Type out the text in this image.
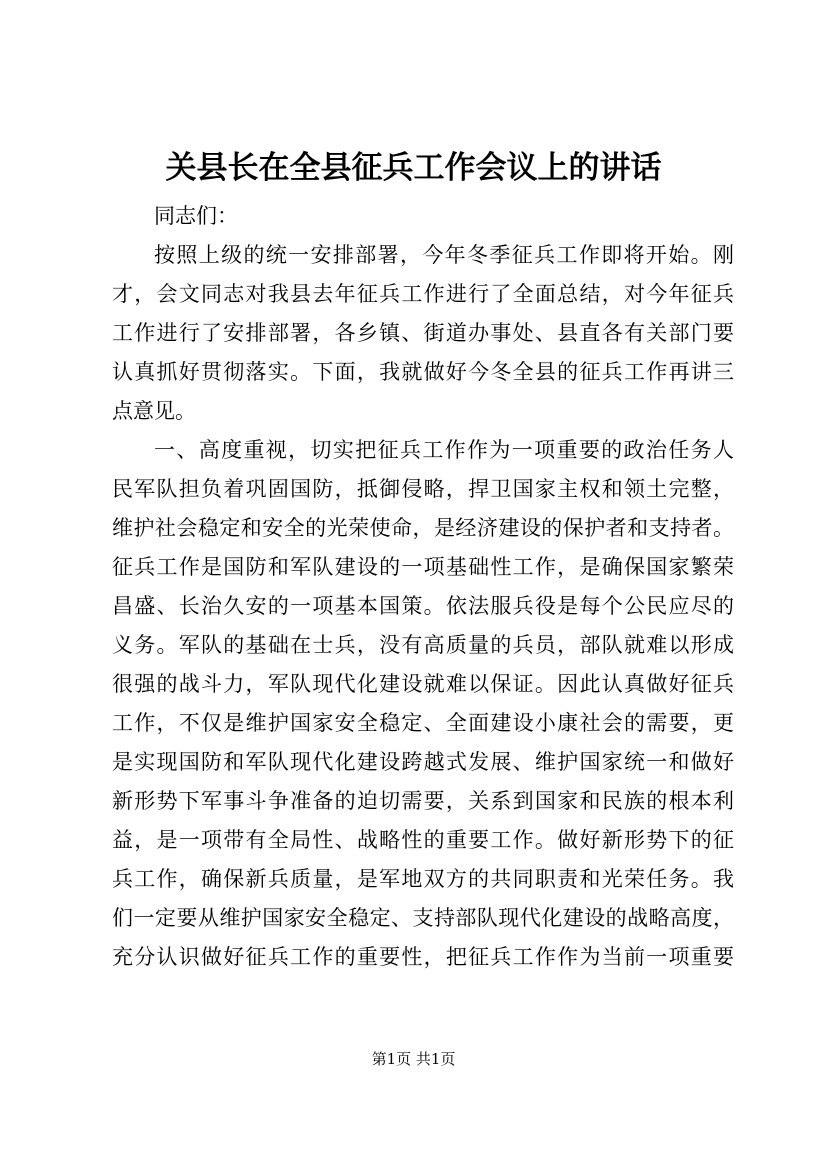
关县长在全县征兵工作会议上的讲话
同志们：
按照上级的统一安排部署，今年冬季征兵工作即将开始。刚
才，会文同志对我县去年征兵工作进行了全面总结，对今年征兵
工作进行了安排部署，各乡镇、街道办事处、县直各有关部门要
认真抓好贯彻落实。下面，我就做好今冬全县的征兵工作再讲三
点意见。
一、高度重视，切实把征兵工作作为一项重要的政治任务人
民军队担负着巩固国防，抵御侵略，捍卫国家主权和领土完整，
维护社会稳定和安全的光荣使命，是经济建设的保护者和支持者。
征兵工作是国防和军队建设的一项基础性工作，是确保国家繁荣
昌盛、长治久安的一项基本国策。依法服兵役是每个公民应尽的
义务。军队的基础在士兵，没有高质量的兵员，部队就难以形成
很强的战斗力，军队现代化建设就难以保证。因此认真做好征兵
工作，不仅是维护国家安全稳定、全面建设小康社会的需要，更
是实现国防和军队现代化建设跨越式发展、维护国家统一和做好
新形势下军事斗争准备的迫切需要，关系到国家和民族的根本利
益，是一项带有全局性、战略性的重要工作。做好新形势下的征
兵工作，确保新兵质量，是军地双方的共同职责和光荣任务。我
们一定要从维护国家安全稳定、支持部队现代化建设的战略高度，
充分认识做好征兵工作的重要性，把征兵工作作为当前一项重要
第1页 共1页
